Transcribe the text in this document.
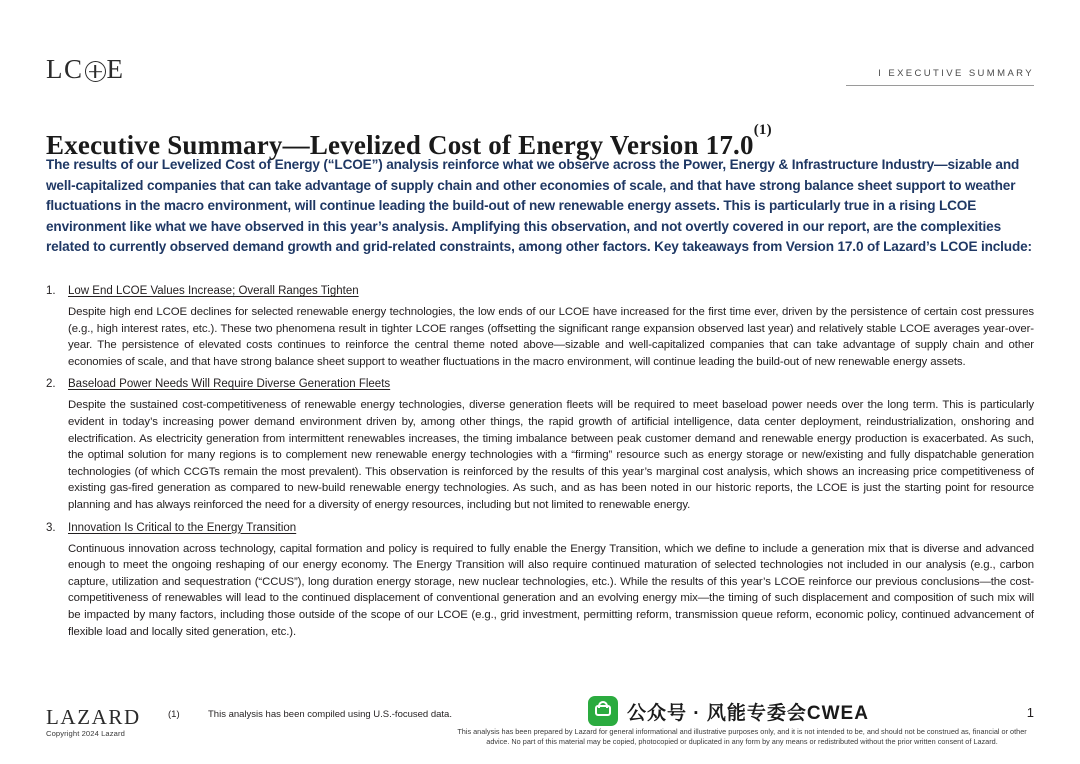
LC E	I EXECUTIVE SUMMARY
Executive Summary—Levelized Cost of Energy Version 17.0$^{(1)}$
The results of our Levelized Cost of Energy (“LCOE”) analysis reinforce what we observe across the Power, Energy & Infrastructure Industry—sizable and well-capitalized companies that can take advantage of supply chain and other economies of scale, and that have strong balance sheet support to weather fluctuations in the macro environment, will continue leading the build-out of new renewable energy assets. This is particularly true in a rising LCOE environment like what we have observed in this year’s analysis. Amplifying this observation, and not overtly covered in our report, are the complexities related to currently observed demand growth and grid-related constraints, among other factors. Key takeaways from Version 17.0 of Lazard’s LCOE include:
1.	Low End LCOE Values Increase; Overall Ranges Tighten
Despite high end LCOE declines for selected renewable energy technologies, the low ends of our LCOE have increased for the first time ever, driven by the persistence of certain cost pressures (e.g., high interest rates, etc.). These two phenomena result in tighter LCOE ranges (offsetting the significant range expansion observed last year) and relatively stable LCOE averages year-over-year. The persistence of elevated costs continues to reinforce the central theme noted above—sizable and well-capitalized companies that can take advantage of supply chain and other economies of scale, and that have strong balance sheet support to weather fluctuations in the macro environment, will continue leading the build-out of new renewable energy assets.
2.	Baseload Power Needs Will Require Diverse Generation Fleets
Despite the sustained cost-competitiveness of renewable energy technologies, diverse generation fleets will be required to meet baseload power needs over the long term. This is particularly evident in today’s increasing power demand environment driven by, among other things, the rapid growth of artificial intelligence, data center deployment, reindustrialization, onshoring and electrification. As electricity generation from intermittent renewables increases, the timing imbalance between peak customer demand and renewable energy production is exacerbated. As such, the optimal solution for many regions is to complement new renewable energy technologies with a “firming” resource such as energy storage or new/existing and fully dispatchable generation technologies (of which CCGTs remain the most prevalent). This observation is reinforced by the results of this year’s marginal cost analysis, which shows an increasing price competitiveness of existing gas-fired generation as compared to new-build renewable energy technologies. As such, and as has been noted in our historic reports, the LCOE is just the starting point for resource planning and has always reinforced the need for a diversity of energy resources, including but not limited to renewable energy.
3.	Innovation Is Critical to the Energy Transition
Continuous innovation across technology, capital formation and policy is required to fully enable the Energy Transition, which we define to include a generation mix that is diverse and advanced enough to meet the ongoing reshaping of our energy economy. The Energy Transition will also require continued maturation of selected technologies not included in our analysis (e.g., carbon capture, utilization and sequestration (“CCUS”), long duration energy storage, new nuclear technologies, etc.). While the results of this year’s LCOE reinforce our previous conclusions—the cost-competitiveness of renewables will lead to the continued displacement of conventional generation and an evolving energy mix—the timing of such displacement and composition of such mix will be impacted by many factors, including those outside of the scope of our LCOE (e.g., grid investment, permitting reform, transmission queue reform, economic policy, continued advancement of flexible load and locally sited generation, etc.).
LAZARD
Copyright 2024 Lazard
(1)	This analysis has been compiled using U.S.-focused data.
This analysis has been prepared by Lazard for general informational and illustrative purposes only, and it is not intended to be, and should not be construed as, financial or other advice. No part of this material may be copied, photocopied or duplicated in any form by any means or redistributed without the prior written consent of Lazard.
1
公众号 · 风能专委会CWEA
